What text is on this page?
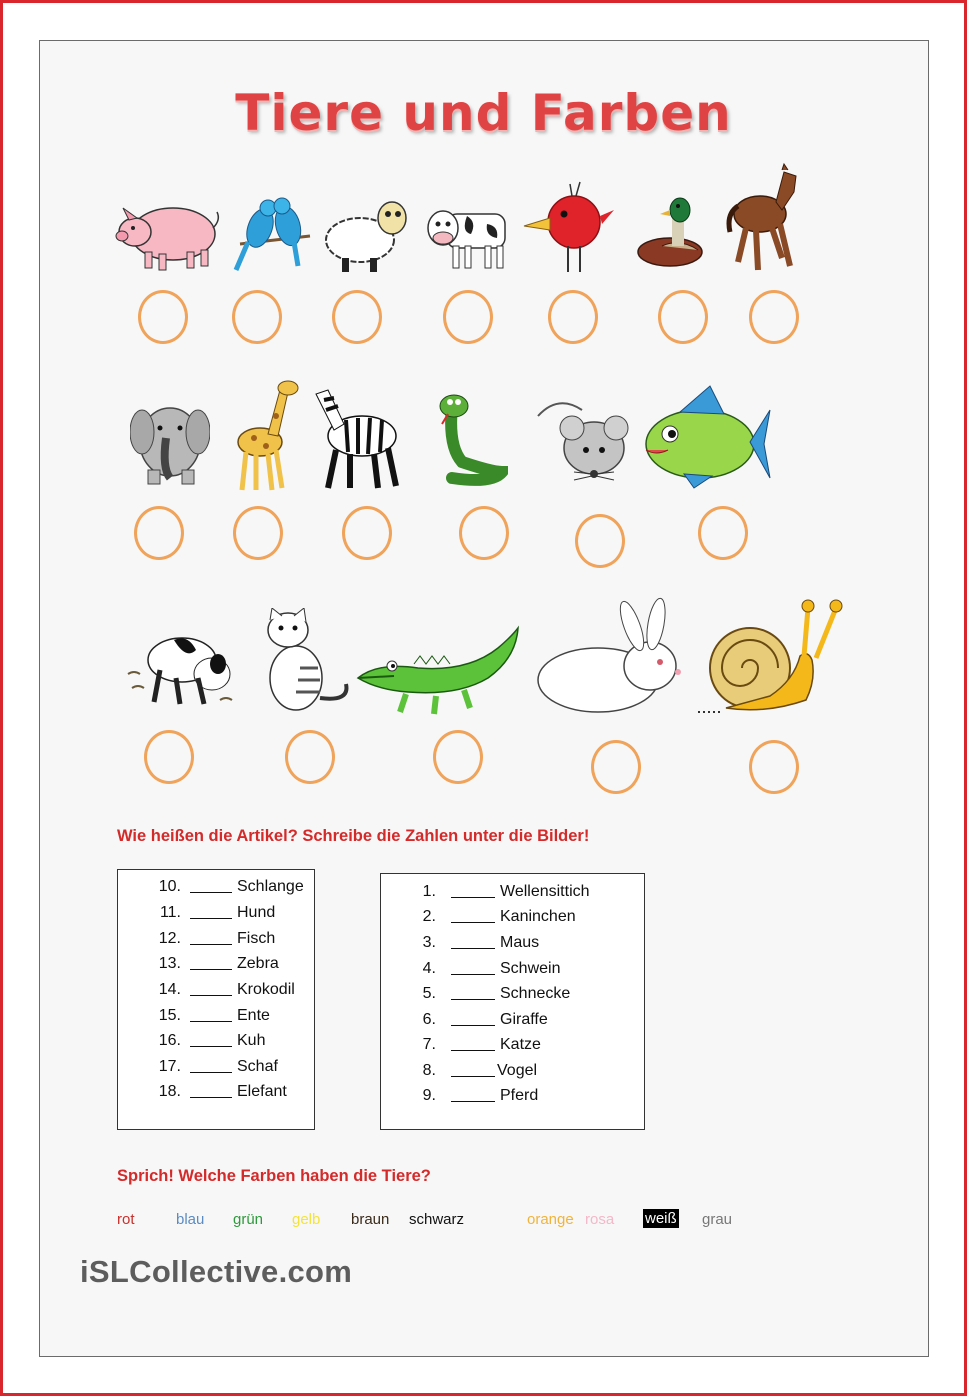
Tiere und Farben
Wie heißen die Artikel? Schreibe die Zahlen unter die Bilder!
10.	Schlange
11.	Hund
12.	Fisch
13.	Zebra
14.	Krokodil
15.	Ente
16.	Kuh
17.	Schaf
18.	Elefant
1.	Wellensittich
2.	Kaninchen
3.	Maus
4.	Schwein
5.	Schnecke
6.	Giraffe
7.	Katze
8.	Vogel
9.	Pferd
Sprich! Welche Farben haben die Tiere?
rot	blau grün gelb braun schwarz	orange rosa weiß grau
iSLCollective.com
